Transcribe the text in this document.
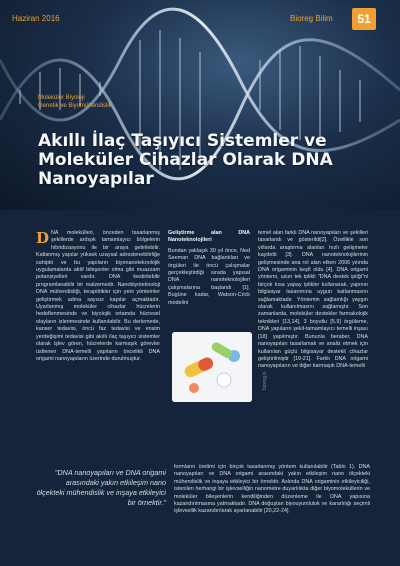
Haziran 2016	Bioreg Bilim	51
Moleküler Biyoloji
Genetik ve Biyomühendislik
Akıllı İlaç Taşıyıcı Sistemler ve Moleküler Cihazlar Olarak DNA Nanoyapılar
DNA molekülleri, önceden tasarlanmış şekillerde ardışık tamamlayıcı bölgelerin hibridizasyonu ile bir araya getirilebilir. Katlanmış yapılar yüksek uzaysal adreslenebilirliğe sahiptir ve bu yapıların biyonanoteknolojik uygulamalarda aktif bileşenler olma gibi muazzam potansiyelleri vardır. DNA kestirilebilir programlanabilir bir malzemedir. Nanobiyoteknoloji DNA mühendisliği, terapötikler için yeni yöntemler geliştirmek adına sayısız kapılar açmaktadır. Uyarlanmış moleküler cihazlar hücrelerin hedeflenmesinde ve biyolojik ortamda hücresel olayların izlenmesinde kullanılabilir. Bu derlemede, kanser tedavisi, öncü faz tedavisi ve ensim yerdeğişimi tedavisi gibi akıllı ilaç taşıyıcı sistemler olarak işlev gören, hücrelerde karmaşık görevler üstlenen DNA-temelli yapıların öncelikli DNA origami nanoyapıların üzerinde durulmuştur.

Geliştirme alan DNA Nanoteknolojileri

Bundan yaklaşık 30 yıl önce, Ned Seeman DNA bağlantıları ve örgüleri ile öncü çalışmalar gerçekleştirdiği sırada yapısal DNA nanoteknolojileri çalışmalarına başlandı [1]. Bugüne kadar, Watson-Crick modelini

temel alan farklı DNA nanoyapıları ve şekilleri tasarlandı ve gösterildi[2]. Özellikle son yıllarda araştırma alanları hızlı gelişmeler kaydetti [3]. DNA nanoteknolojilerinin gelişmesinde ana rol alan etken 2006 yılında DNA origaminin keşfi oldu [4]. DNA origami yöntemi, uzun tek iplikli "DNA destek ipliği"ni birçok kısa yapay iplikler kullanarak, yapının bilgisayar tasarımına uygun katlanmasını sağlamaktadır. Yöntemin sağlamlığı yaygın olarak kullanılmasını sağlamıştır. Son zamanlarda, moleküler destekler farmakolojik teknikleri [13,14], 3 boyutlu [5,9] örgüleme, DNA yapıların şekil-tamamlayıcı temelli inşası [18] yapılmıştır. Bununla beraber, DNA nanoyapıları tasarlamak ve analiz etmek için kullanılan güçlü bilgisayar destekli cihazlar geliştirilmiştir [19-21]. Farklı DNA origami nanoyapıların ve diğer karmaşık DNA-temelli

bioreg.b
"DNA nanoyapıları ve DNA origami arasındaki yakın etkileşim nano ölçekteki mühendislik ve inşaya etkileyici bir örnektir."

formların üretimi için birçok tasarlanmış yöntem kullanılabilir (Tablo 1). DNA nanoyapıları ve DNA origami arasındaki yakın etkileşim nano ölçekteki mühendislik ve inşaya etkileyici bir örnektir. Aslında DNA origaminin etkileyiciliği, istenilen herhangi bir işlevselliğin nanometre duyarlılıkta diğer biyomoleküllerin ve moleküler bileşenlerin kendiliğinden düzenleme ile DNA yapısına kazandırılmasına yatmaktadır. DNA doğuştan biyouyumluluk ve kararlılığı seçimli işlevsellik kazandırılarak ayarlanabilir [20,22-24].
